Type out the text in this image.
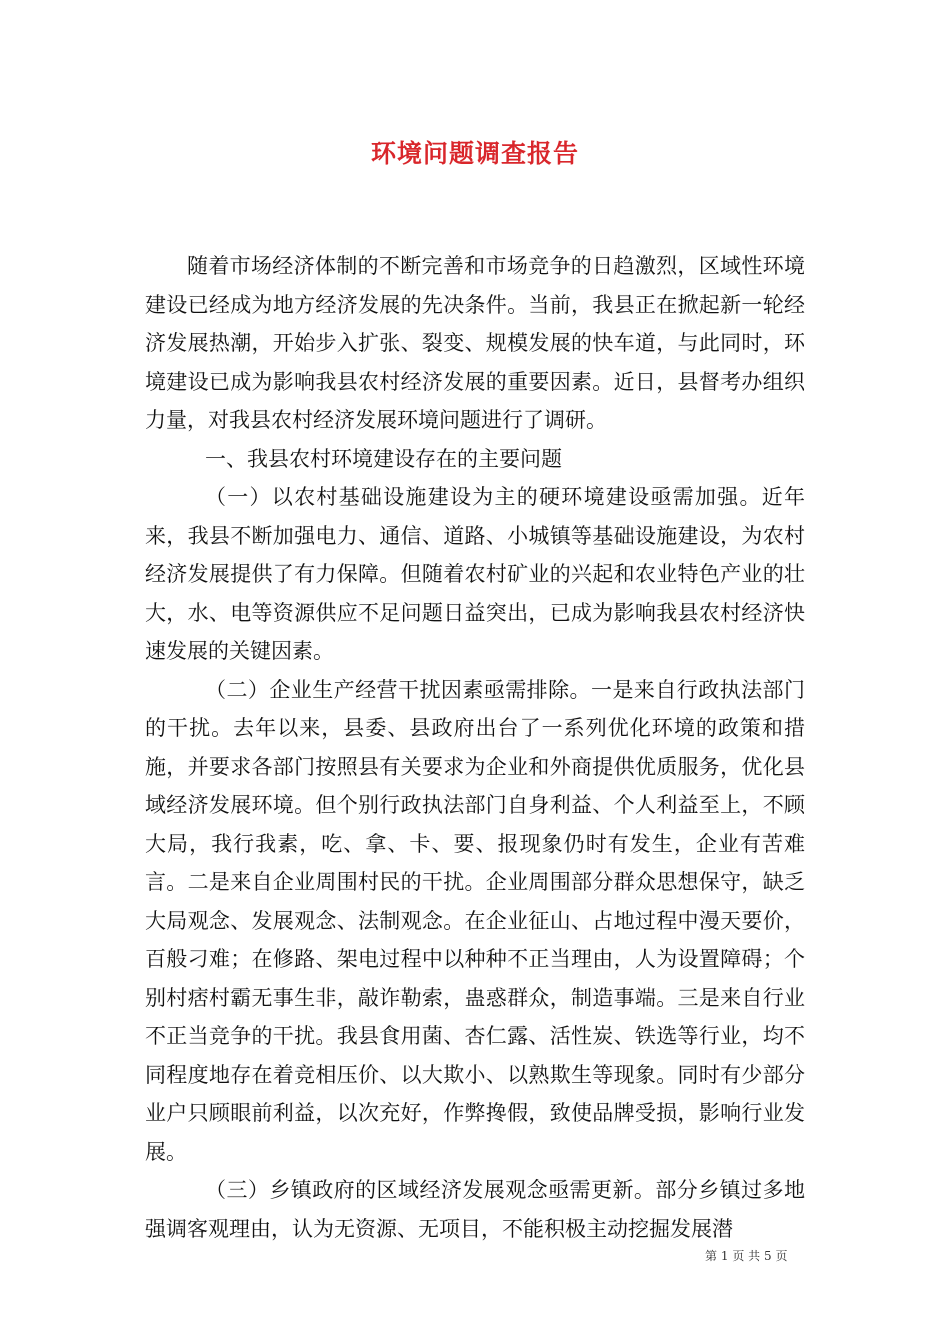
环境问题调查报告

随着市场经济体制的不断完善和市场竞争的日趋激烈，区域性环境建设已经成为地方经济发展的先决条件。当前，我县正在掀起新一轮经济发展热潮，开始步入扩张、裂变、规模发展的快车道，与此同时，环境建设已成为影响我县农村经济发展的重要因素。近日，县督考办组织力量，对我县农村经济发展环境问题进行了调研。

一、我县农村环境建设存在的主要问题

（一）以农村基础设施建设为主的硬环境建设亟需加强。近年来，我县不断加强电力、通信、道路、小城镇等基础设施建设，为农村经济发展提供了有力保障。但随着农村矿业的兴起和农业特色产业的壮大，水、电等资源供应不足问题日益突出，已成为影响我县农村经济快速发展的关键因素。

（二）企业生产经营干扰因素亟需排除。一是来自行政执法部门的干扰。去年以来，县委、县政府出台了一系列优化环境的政策和措施，并要求各部门按照县有关要求为企业和外商提供优质服务，优化县域经济发展环境。但个别行政执法部门自身利益、个人利益至上，不顾大局，我行我素，吃、拿、卡、要、报现象仍时有发生，企业有苦难言。二是来自企业周围村民的干扰。企业周围部分群众思想保守，缺乏大局观念、发展观念、法制观念。在企业征山、占地过程中漫天要价，百般刁难；在修路、架电过程中以种种不正当理由，人为设置障碍；个别村痞村霸无事生非，敲诈勒索，蛊惑群众，制造事端。三是来自行业不正当竞争的干扰。我县食用菌、杏仁露、活性炭、铁选等行业，均不同程度地存在着竞相压价、以大欺小、以熟欺生等现象。同时有少部分业户只顾眼前利益，以次充好，作弊搀假，致使品牌受损，影响行业发展。

（三）乡镇政府的区域经济发展观念亟需更新。部分乡镇过多地强调客观理由，认为无资源、无项目，不能积极主动挖掘发展潜

第 1 页 共 5 页
